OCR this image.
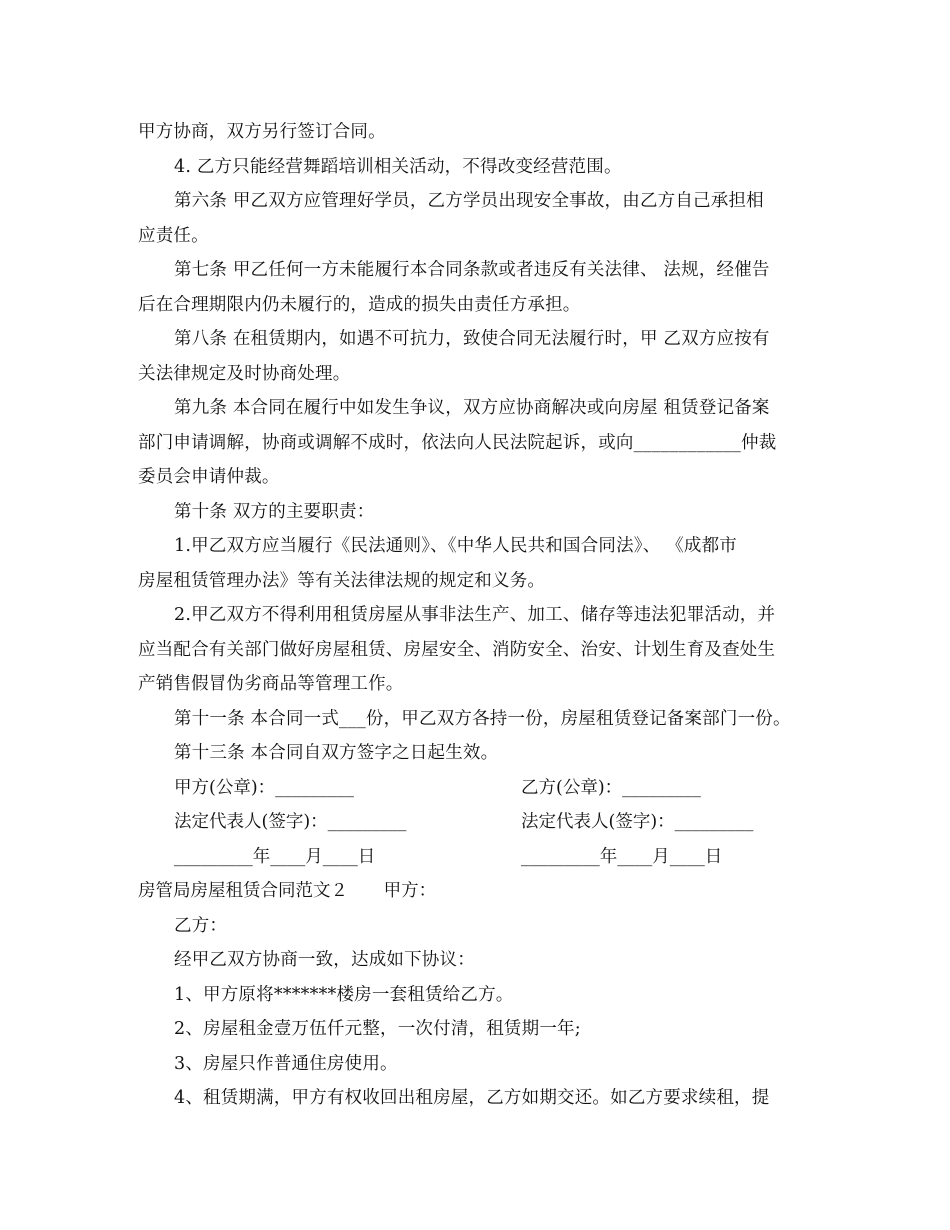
甲方协商，双方另行签订合同。
4. 乙方只能经营舞蹈培训相关活动，不得改变经营范围。
第六条 甲乙双方应管理好学员，乙方学员出现安全事故，由乙方自己承担相
应责任。
第七条 甲乙任何一方未能履行本合同条款或者违反有关法律、 法规，经催告
后在合理期限内仍未履行的，造成的损失由责任方承担。
第八条 在租赁期内，如遇不可抗力，致使合同无法履行时，甲 乙双方应按有
关法律规定及时协商处理。
第九条 本合同在履行中如发生争议，双方应协商解决或向房屋 租赁登记备案
部门申请调解，协商或调解不成时，依法向人民法院起诉，或向____________仲裁
委员会申请仲裁。
第十条 双方的主要职责：
1.甲乙双方应当履行《民法通则》、《中华人民共和国合同法》、 《成都市
房屋租赁管理办法》等有关法律法规的规定和义务。
2.甲乙双方不得利用租赁房屋从事非法生产、加工、储存等违法犯罪活动，并
应当配合有关部门做好房屋租赁、房屋安全、消防安全、治安、计划生育及查处生
产销售假冒伪劣商品等管理工作。
第十一条 本合同一式___份，甲乙双方各持一份，房屋租赁登记备案部门一份。
第十三条 本合同自双方签字之日起生效。
甲方(公章)：_________	乙方(公章)：_________
法定代表人(签字)：_________	法定代表人(签字)：_________
_________年____月____日	_________年____月____日
房管局房屋租赁合同范文２ 甲方：
乙方：
经甲乙双方协商一致，达成如下协议：
1、甲方原将*******楼房一套租赁给乙方。
2、房屋租金壹万伍仟元整，一次付清，租赁期一年;
3、房屋只作普通住房使用。
4、租赁期满，甲方有权收回出租房屋，乙方如期交还。如乙方要求续租，提
